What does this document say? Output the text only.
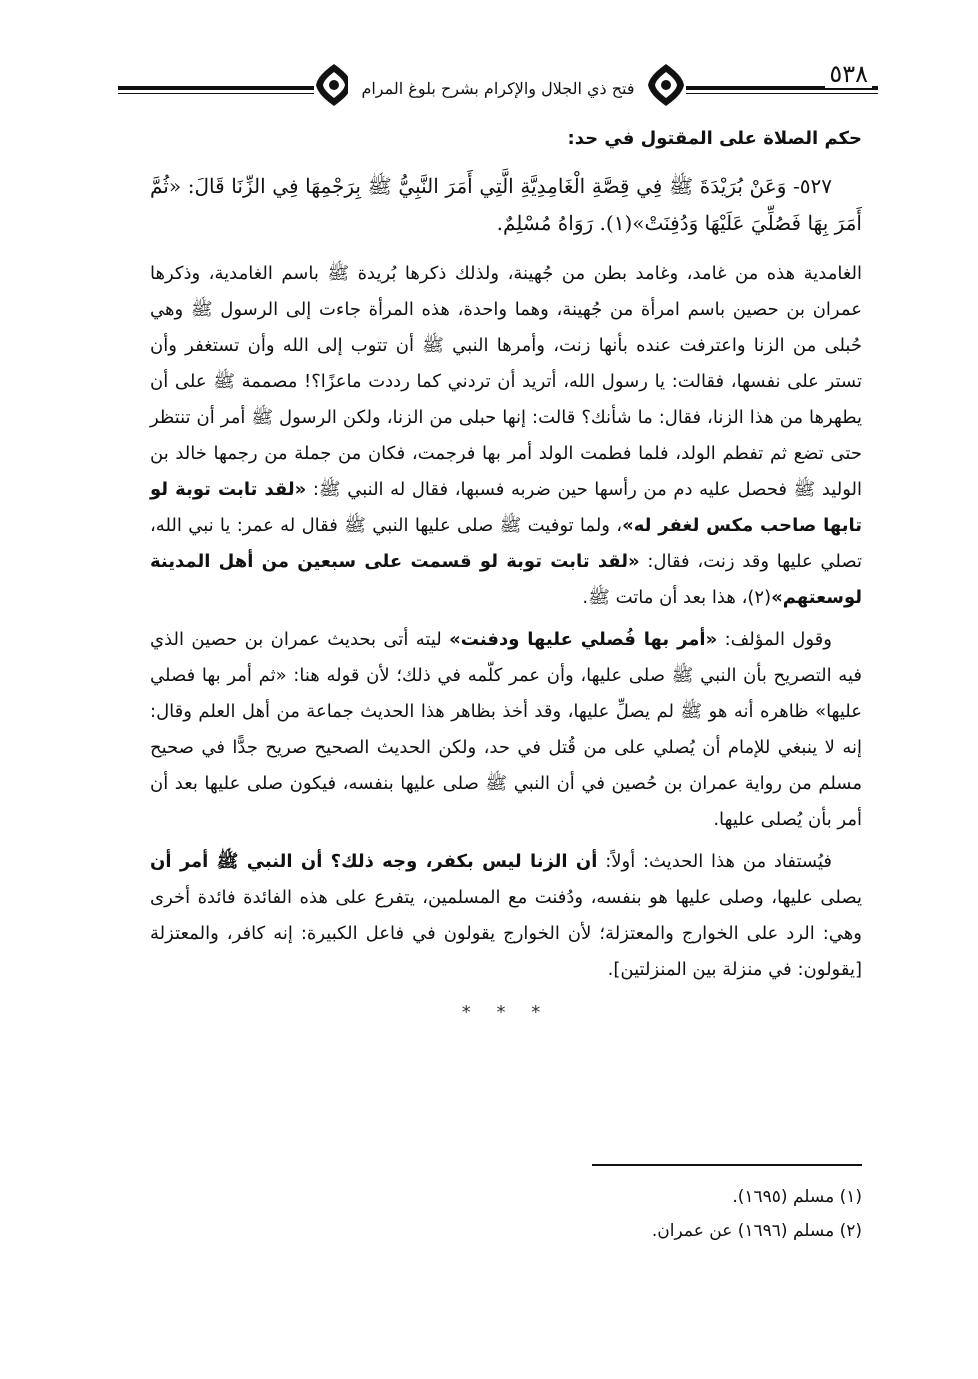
فتح ذي الجلال والإكرام بشرح بلوغ المرام
٥٣٨
حكم الصلاة على المقتول في حد:

٥٢٧- وَعَنْ بُرَيْدَةَ ﷺ فِي قِصَّةِ الْغَامِدِيَّةِ الَّتِي أَمَرَ النَّبِيُّ ﷺ بِرَجْمِهَا فِي الزِّنَا قَالَ: «ثُمَّ أَمَرَ بِهَا فَصُلِّيَ عَلَيْهَا وَدُفِنَتْ»(١). رَوَاهُ مُسْلِمٌ.

الغامدية هذه من غامد، وغامد بطن من جُهينة، ولذلك ذكرها بُريدة ﷺ باسم الغامدية، وذكرها عمران بن حصين باسم امرأة من جُهينة، وهما واحدة، هذه المرأة جاءت إلى الرسول ﷺ وهي حُبلى من الزنا واعترفت عنده بأنها زنت، وأمرها النبي ﷺ أن تتوب إلى الله وأن تستغفر وأن تستر على نفسها، فقالت: يا رسول الله، أتريد أن تردني كما رددت ماعزًا؟! مصممة ﷺ على أن يطهرها من هذا الزنا، فقال: ما شأنك؟ قالت: إنها حبلى من الزنا، ولكن الرسول ﷺ أمر أن تنتظر حتى تضع ثم تفطم الولد، فلما فطمت الولد أمر بها فرجمت، فكان من جملة من رجمها خالد بن الوليد ﷺ فحصل عليه دم من رأسها حين ضربه فسبها، فقال له النبي ﷺ: «لقد تابت توبة لو تابها صاحب مكس لغفر له»، ولما توفيت ﷺ صلى عليها النبي ﷺ فقال له عمر: يا نبي الله، تصلي عليها وقد زنت، فقال: «لقد تابت توبة لو قسمت على سبعين من أهل المدينة لوسعتهم»(٢)، هذا بعد أن ماتت ﷺ.

وقول المؤلف: «أمر بها فُصلي عليها ودفنت» ليته أتى بحديث عمران بن حصين الذي فيه التصريح بأن النبي ﷺ صلى عليها، وأن عمر كلّمه في ذلك؛ لأن قوله هنا: «ثم أمر بها فصلي عليها» ظاهره أنه هو ﷺ لم يصلِّ عليها، وقد أخذ بظاهر هذا الحديث جماعة من أهل العلم وقال: إنه لا ينبغي للإمام أن يُصلي على من قُتل في حد، ولكن الحديث الصحيح صريح جدًّا في صحيح مسلم من رواية عمران بن حُصين في أن النبي ﷺ صلى عليها بنفسه، فيكون صلى عليها بعد أن أمر بأن يُصلى عليها.

فيُستفاد من هذا الحديث: أولاً: أن الزنا ليس بكفر، وجه ذلك؟ أن النبي ﷺ أمر أن يصلى عليها، وصلى عليها هو بنفسه، ودُفنت مع المسلمين، يتفرع على هذه الفائدة فائدة أخرى وهي: الرد على الخوارج والمعتزلة؛ لأن الخوارج يقولون في فاعل الكبيرة: إنه كافر، والمعتزلة [يقولون: في منزلة بين المنزلتين].

* * *
(١) مسلم (١٦٩٥).
(٢) مسلم (١٦٩٦) عن عمران.
